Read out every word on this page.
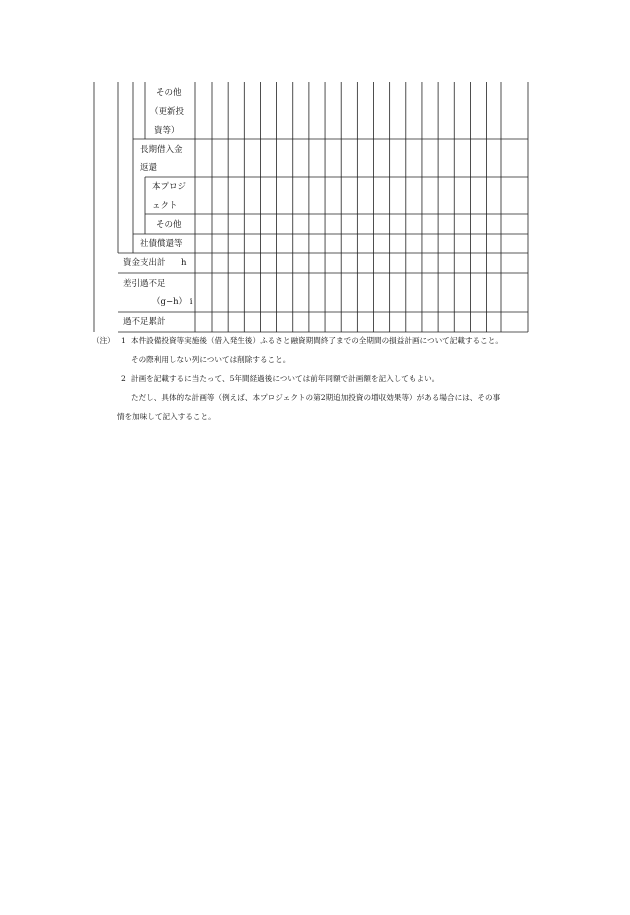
その他
（更新投
資等）
長期借入金
返還
本プロジ
ェクト
その他
社債償還等
資金支出計 h
差引過不足
（g−h） i
過不足累計
（注） 1 本件設備投資等実施後（借入発生後）ふるさと融資期間終了までの全期間の損益計画について記載すること。
その際利用しない列については削除すること。
2 計画を記載するに当たって、5年間経過後については前年同額で計画額を記入してもよい。
ただし、具体的な計画等（例えば、本プロジェクトの第2期追加投資の増収効果等）がある場合には、その事
情を加味して記入すること。
